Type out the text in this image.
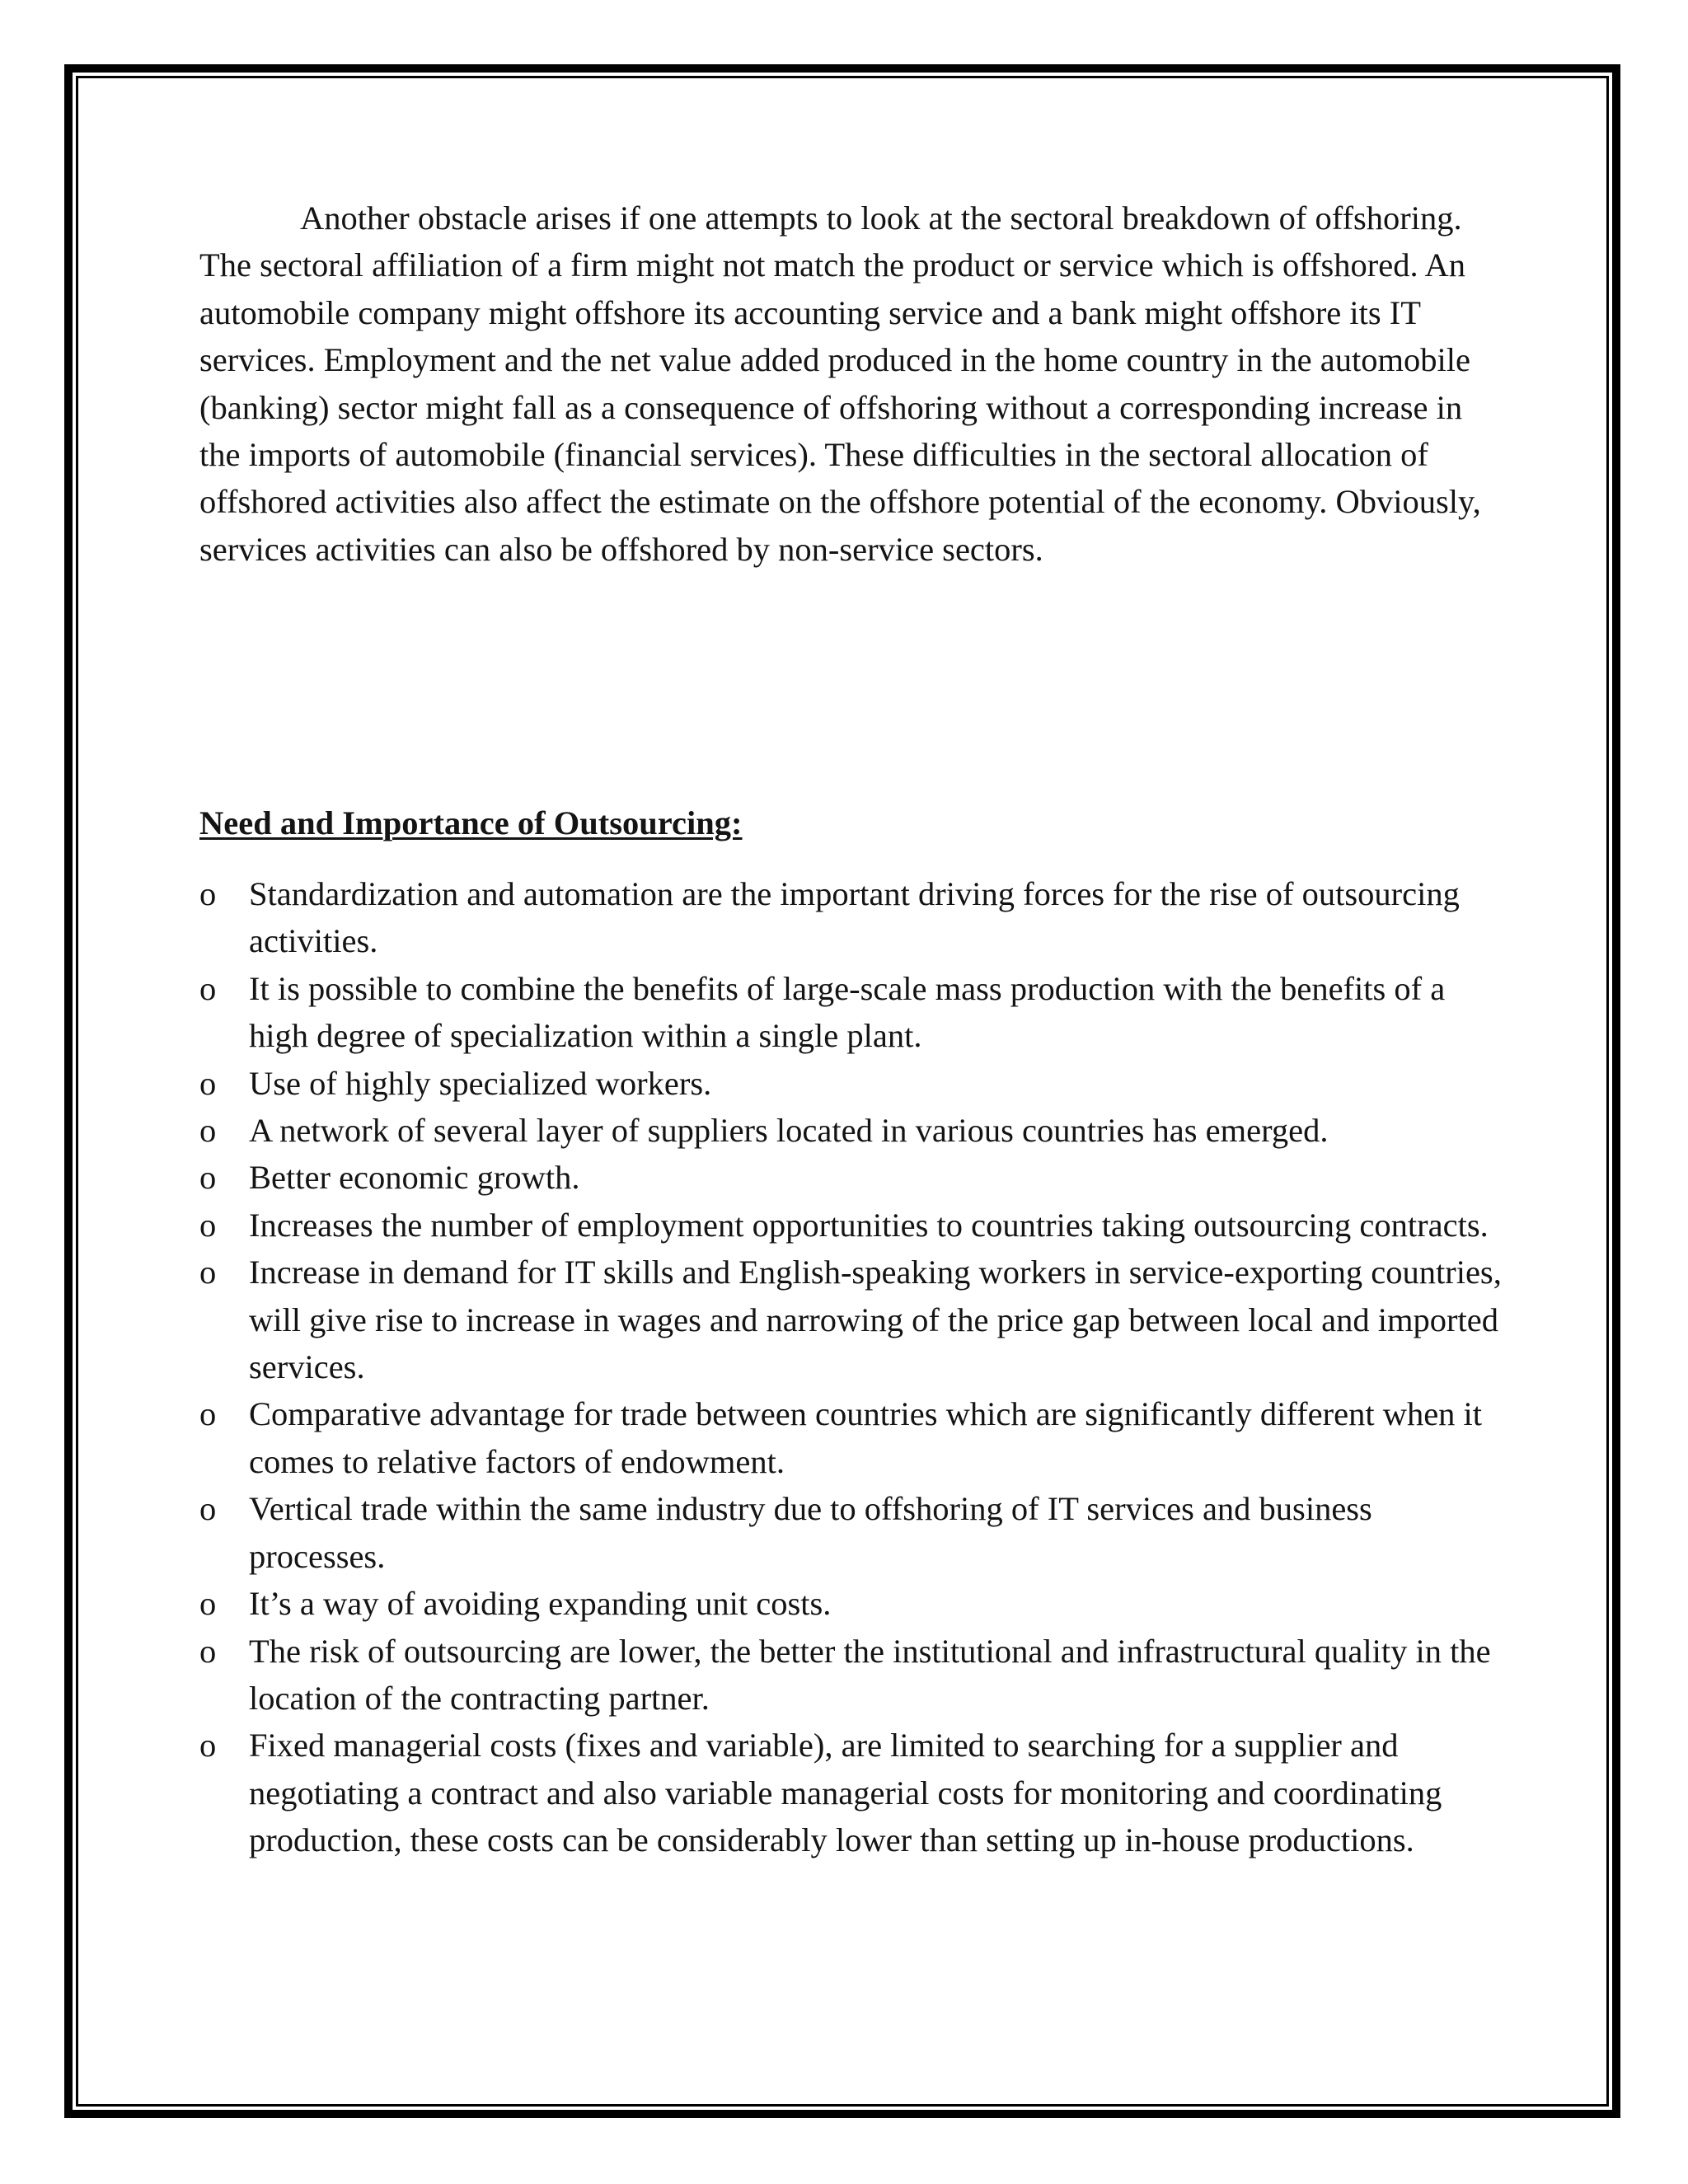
Another obstacle arises if one attempts to look at the sectoral breakdown of offshoring. The sectoral affiliation of a firm might not match the product or service which is offshored. An automobile company might offshore its accounting service and a bank might offshore its IT services. Employment and the net value added produced in the home country in the automobile (banking) sector might fall as a consequence of offshoring without a corresponding increase in the imports of automobile (financial services). These difficulties in the sectoral allocation of offshored activities also affect the estimate on the offshore potential of the economy. Obviously, services activities can also be offshored by non-service sectors.

Need and Importance of Outsourcing:
o Standardization and automation are the important driving forces for the rise of outsourcing activities.
o It is possible to combine the benefits of large-scale mass production with the benefits of a high degree of specialization within a single plant.
o Use of highly specialized workers.
o A network of several layer of suppliers located in various countries has emerged.
o Better economic growth.
o Increases the number of employment opportunities to countries taking outsourcing contracts.
o Increase in demand for IT skills and English-speaking workers in service-exporting countries, will give rise to increase in wages and narrowing of the price gap between local and imported services.
o Comparative advantage for trade between countries which are significantly different when it comes to relative factors of endowment.
o Vertical trade within the same industry due to offshoring of IT services and business processes.
o It’s a way of avoiding expanding unit costs.
o The risk of outsourcing are lower, the better the institutional and infrastructural quality in the location of the contracting partner.
o Fixed managerial costs (fixes and variable), are limited to searching for a supplier and negotiating a contract and also variable managerial costs for monitoring and coordinating production, these costs can be considerably lower than setting up in-house productions.
